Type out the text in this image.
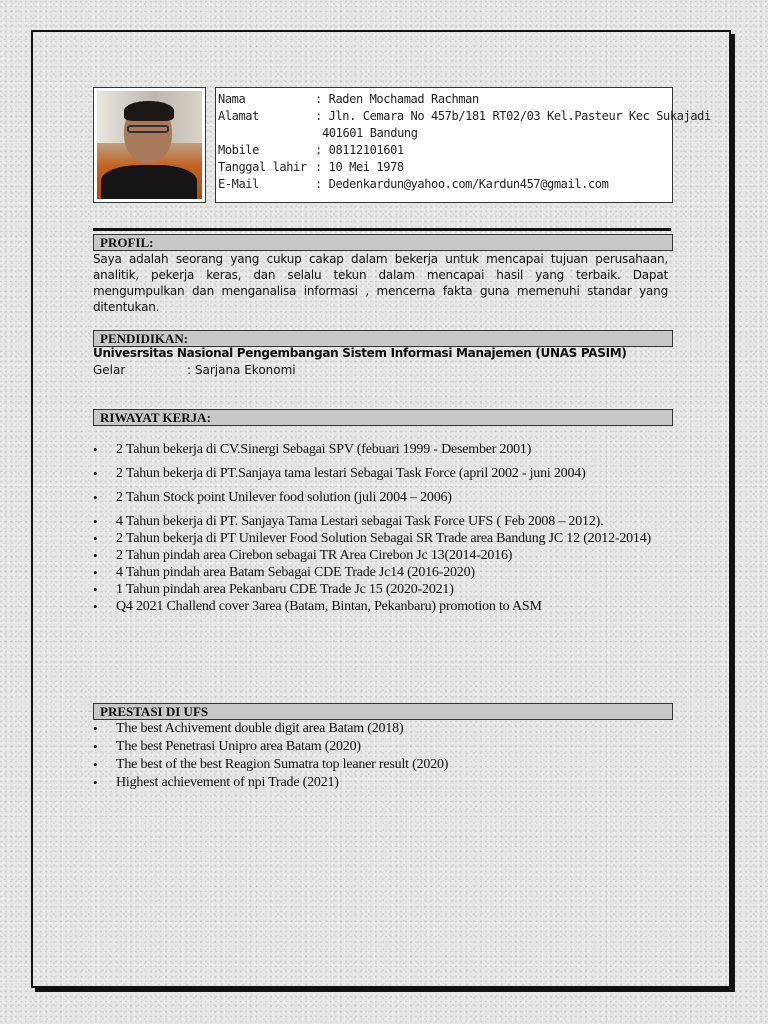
Nama	: Raden Mochamad Rachman
Alamat	: Jln. Cemara No 457b/181 RT02/03 Kel.Pasteur Kec Sukajadi
401601 Bandung
Mobile	: 08112101601
Tanggal lahir : 10 Mei 1978
E-Mail	: Dedenkardun@yahoo.com/Kardun457@gmail.com
PROFIL:
Saya adalah seorang yang cukup cakap dalam bekerja untuk mencapai tujuan perusahaan, analitik, pekerja keras, dan selalu tekun dalam mencapai hasil yang terbaik. Dapat mengumpulkan dan menganalisa informasi , mencerna fakta guna memenuhi standar yang ditentukan.
PENDIDIKAN:
Univesrsitas Nasional Pengembangan Sistem Informasi Manajemen (UNAS PASIM)
Gelar	: Sarjana Ekonomi
RIWAYAT KERJA:
• 2 Tahun bekerja di CV.Sinergi Sebagai SPV (febuari 1999 - Desember 2001)
• 2 Tahun bekerja di PT.Sanjaya tama lestari Sebagai Task Force (april 2002 - juni 2004)
• 2 Tahun Stock point Unilever food solution (juli 2004 – 2006)
• 4 Tahun bekerja di PT. Sanjaya Tama Lestari sebagai Task Force UFS ( Feb 2008 – 2012).
• 2 Tahun bekerja di PT Unilever Food Solution Sebagai SR Trade area Bandung JC 12 (2012-2014)
• 2 Tahun pindah area Cirebon sebagai TR Area Cirebon Jc 13(2014-2016)
• 4 Tahun pindah area Batam Sebagai CDE Trade Jc14 (2016-2020)
• 1 Tahun pindah area Pekanbaru CDE Trade Jc 15 (2020-2021)
• Q4 2021 Challend cover 3area (Batam, Bintan, Pekanbaru) promotion to ASM
PRESTASI DI UFS
• The best Achivement double digit area Batam (2018)
• The best Penetrasi Unipro area Batam (2020)
• The best of the best Reagion Sumatra top leaner result (2020)
• Highest achievement of npi Trade (2021)
